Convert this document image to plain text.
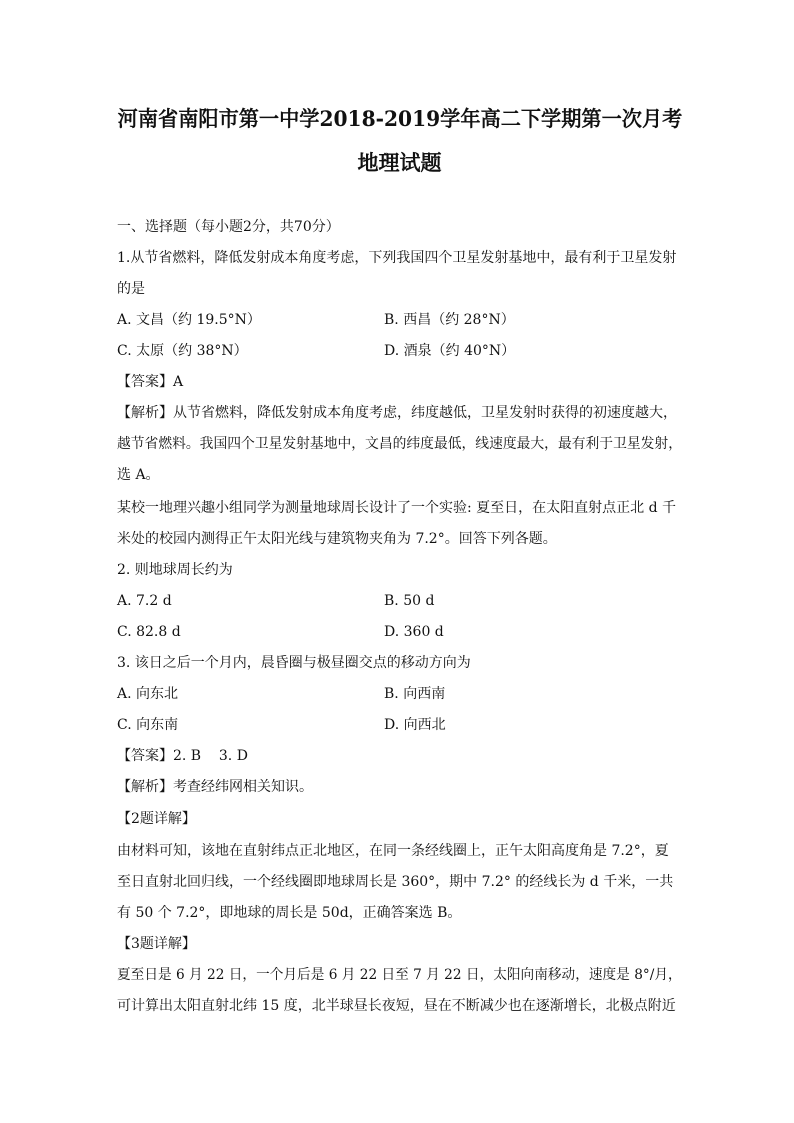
河南省南阳市第一中学2018-2019学年高二下学期第一次月考
地理试题
一、选择题（每小题2分，共70分）
1.从节省燃料，降低发射成本角度考虑，下列我国四个卫星发射基地中，最有利于卫星发射
的是
A. 文昌（约 19.5°N）	B. 西昌（约 28°N）
C. 太原（约 38°N）	D. 酒泉（约 40°N）
【答案】A
【解析】从节省燃料，降低发射成本角度考虑，纬度越低，卫星发射时获得的初速度越大，
越节省燃料。我国四个卫星发射基地中，文昌的纬度最低，线速度最大，最有利于卫星发射，
选 A。
某校一地理兴趣小组同学为测量地球周长设计了一个实验: 夏至日，在太阳直射点正北 d 千
米处的校园内测得正午太阳光线与建筑物夹角为 7.2°。回答下列各题。
2. 则地球周长约为
A. 7.2 d	B. 50 d
C. 82.8 d	D. 360 d
3. 该日之后一个月内，晨昏圈与极昼圈交点的移动方向为
A. 向东北	B. 向西南
C. 向东南	D. 向西北
【答案】2. B    3. D
【解析】考查经纬网相关知识。
【2题详解】
由材料可知，该地在直射纬点正北地区，在同一条经线圈上，正午太阳高度角是 7.2°，夏
至日直射北回归线，一个经线圈即地球周长是 360°，期中 7.2° 的经线长为 d 千米，一共
有 50 个 7.2°，即地球的周长是 50d，正确答案选 B。
【3题详解】
夏至日是 6 月 22 日，一个月后是 6 月 22 日至 7 月 22 日，太阳向南移动，速度是 8°/月，
可计算出太阳直射北纬 15 度，北半球昼长夜短，昼在不断减少也在逐渐增长，北极点附近
